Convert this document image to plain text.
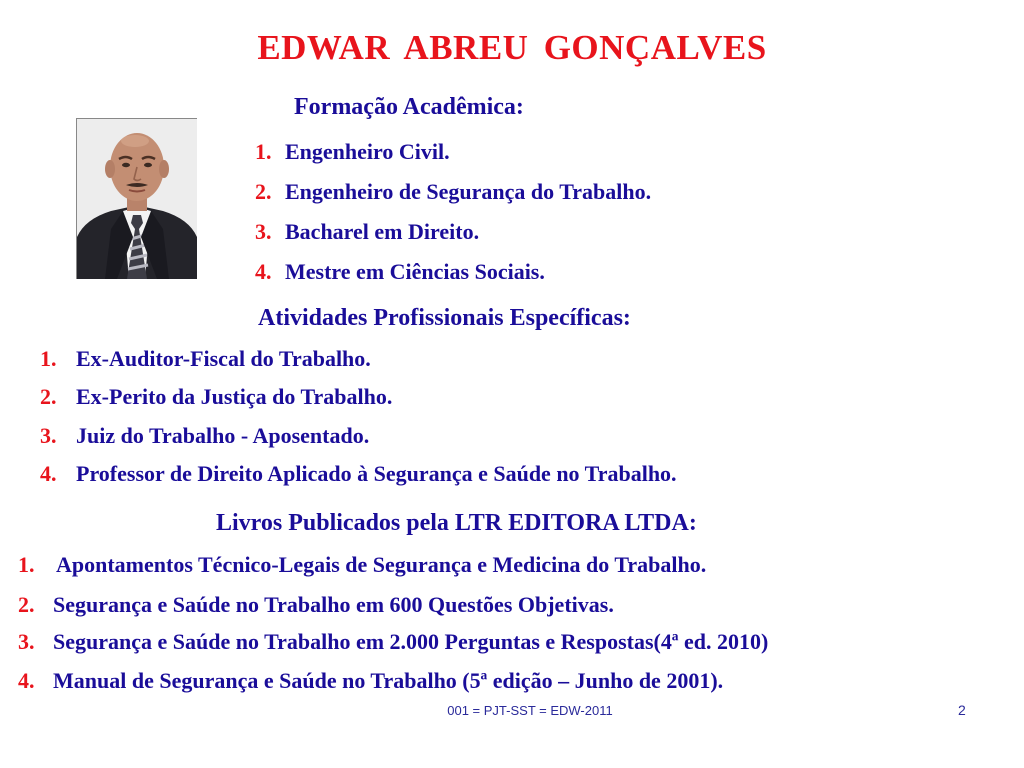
EDWAR ABREU GONÇALVES
Formação Acadêmica:
1. Engenheiro Civil.
2. Engenheiro de Segurança do Trabalho.
3. Bacharel em Direito.
4. Mestre em Ciências Sociais.
Atividades Profissionais Específicas:
1. Ex-Auditor-Fiscal do Trabalho.
2. Ex-Perito da Justiça do Trabalho.
3. Juiz do Trabalho - Aposentado.
4. Professor de Direito Aplicado à Segurança e Saúde no Trabalho.
Livros Publicados pela LTR EDITORA LTDA:
1. Apontamentos Técnico-Legais de Segurança e Medicina do Trabalho.
2. Segurança e Saúde no Trabalho em 600 Questões Objetivas.
3. Segurança e Saúde no Trabalho em 2.000 Perguntas e Respostas(4ª ed. 2010)
4. Manual de Segurança e Saúde no Trabalho (5ª edição – Junho de 2001).
001 = PJT-SST = EDW-2011	2
